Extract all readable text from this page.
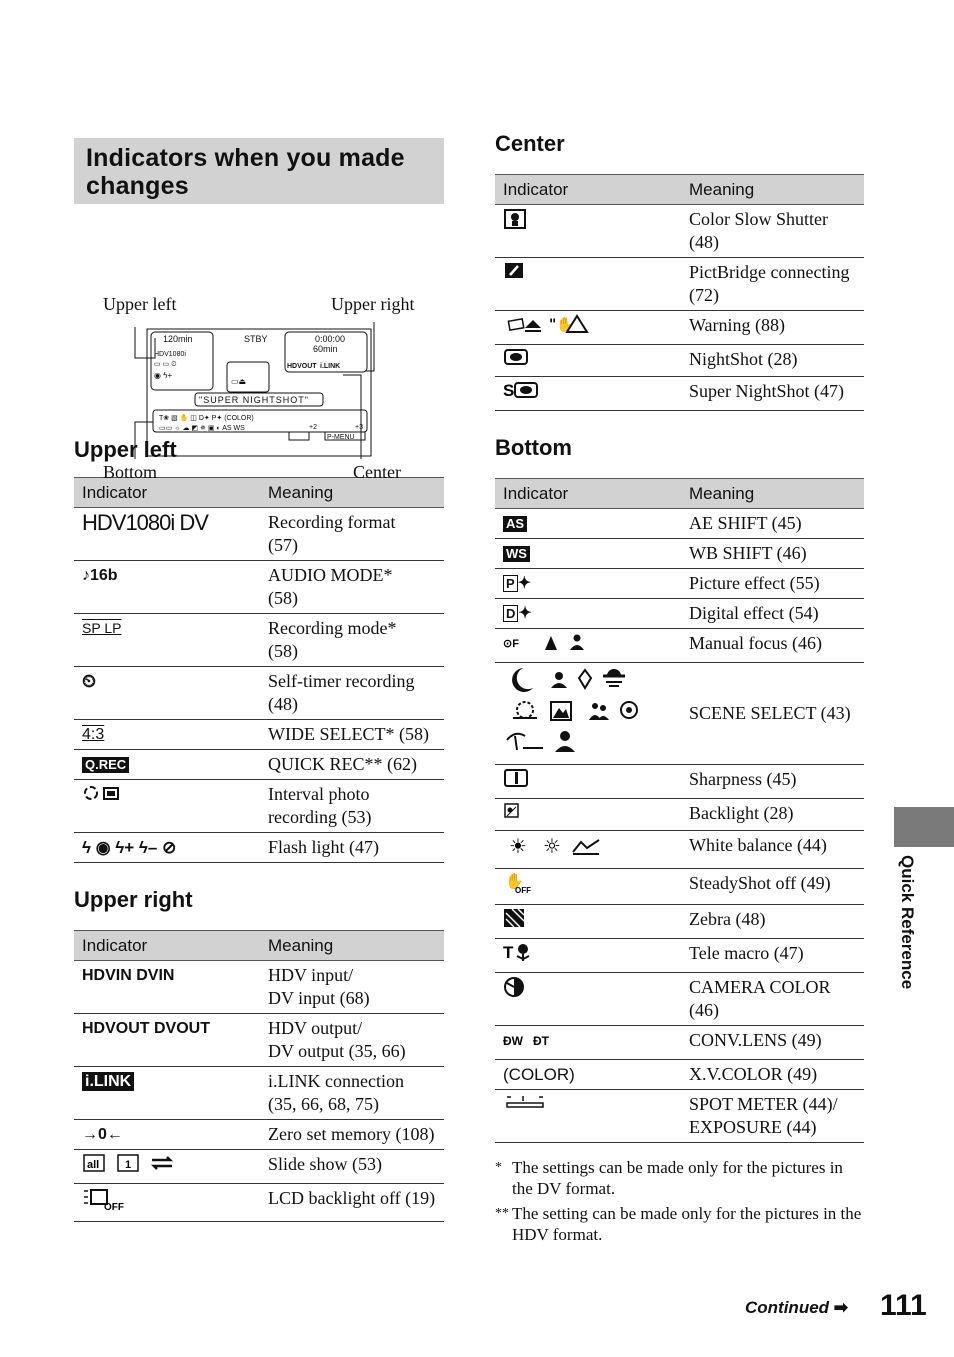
Indicators when you made changes
Upper left	Upper right
Bottom	Center
120min	STBY	0:00:00
60min
HDV1080i
HDVOUT i.LINK
"SUPER NIGHTSHOT"
P-MENU
+2	+3
T❀ ▧ ✋ ◫ D✦ P✦ (COLOR)
▭▭ ☼ ☁ ◩ ✵ ▣ ◐ AS WS
▭⏏
▭ ▭ ⏲
◉ ϟ+
Upper left
Indicator	Meaning
HDV1080i DV	Recording format (57)
♪16b	AUDIO MODE* (58)
SP LP	Recording mode* (58)
⏲	Self-timer recording (48)
4:3	WIDE SELECT* (58)
Q.REC	QUICK REC** (62)
	Interval photo recording (53)
ϟ ◉ ϟ+ ϟ– ⊘	Flash light (47)
Upper right
Indicator	Meaning
HDVIN DVIN	HDV input/
DV input (68)
HDVOUT DVOUT	HDV output/
DV output (35, 66)
i.LINK	i.LINK connection (35, 66, 68, 75)
→0←	Zero set memory (108)

all 1	Slide show (53)

OFF	LCD backlight off (19)
Center
Indicator	Meaning
	Color Slow Shutter (48)
	PictBridge connecting (72)

"✋	Warning (88)
	NightShot (28)

S	Super NightShot (47)
Bottom
Indicator	Meaning
AS	AE SHIFT (45)
WS	WB SHIFT (46)
P ✦	Picture effect (55)
D ✦	Digital effect (54)

⊙F	Manual focus (46)
	SCENE SELECT (43)
	Sharpness (45)
	Backlight (28)

☀ ☼	White balance (44)

✋
OFF	SteadyShot off (49)
	Zebra (48)

T	Tele macro (47)
	CAMERA COLOR (46)

ĐW ĐT	CONV.LENS (49)
(COLOR)	X.V.COLOR (49)
	SPOT METER (44)/
EXPOSURE (44)
* The settings can be made only for the pictures in the DV format.
** The setting can be made only for the pictures in the HDV format.
Quick Reference
Continued ➡ 111
